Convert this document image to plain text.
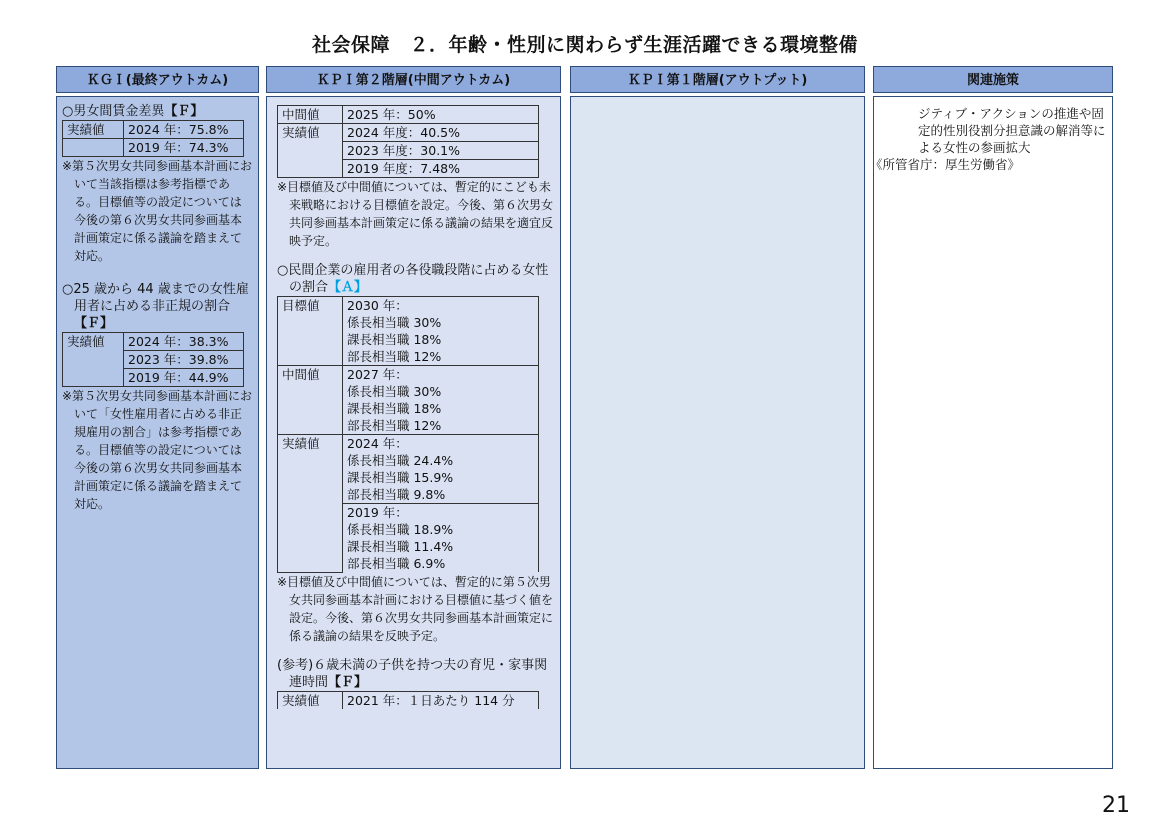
社会保障　２．年齢・性別に関わらず生涯活躍できる環境整備
ＫＧＩ(最終アウトカム)	ＫＰＩ第２階層(中間アウトカム)	ＫＰＩ第１階層(アウトプット)	関連施策
○男女間賃金差異【Ｆ】
実績値	2024 年：75.8%
	2019 年：74.3%
※第５次男女共同参画基本計画において当該指標は参考指標である。目標値等の設定については今後の第６次男女共同参画基本計画策定に係る議論を踏まえて対応。
○25 歳から 44 歳までの女性雇用者に占める非正規の割合【Ｆ】
実績値	2024 年：38.3%
2023 年：39.8%
2019 年：44.9%
※第５次男女共同参画基本計画において「女性雇用者に占める非正規雇用の割合」は参考指標である。目標値等の設定については今後の第６次男女共同参画基本計画策定に係る議論を踏まえて対応。
中間値	2025 年：50%
実績値	2024 年度：40.5%
	2023 年度：30.1%
	2019 年度：7.48%
※目標値及び中間値については、暫定的にこども未来戦略における目標値を設定。今後、第６次男女共同参画基本計画策定に係る議論の結果を適宜反映予定。
○民間企業の雇用者の各役職段階に占める女性の割合【Ａ】
目標値	2030 年：
係長相当職 30%
課長相当職 18%
部長相当職 12%

中間値	2027 年：
係長相当職 30%
課長相当職 18%
部長相当職 12%

実績値	2024 年：
係長相当職 24.4%
課長相当職 15.9%
部長相当職 9.8%

	2019 年：
係長相当職 18.9%
課長相当職 11.4%
部長相当職 6.9%
※目標値及び中間値については、暫定的に第５次男女共同参画基本計画における目標値に基づく値を設定。今後、第６次男女共同参画基本計画策定に係る議論の結果を反映予定。
(参考)６歳未満の子供を持つ夫の育児・家事関連時間【Ｆ】
実績値	2021 年：１日あたり 114 分
ジティブ・アクションの推進や固定的性別役割分担意識の解消等による女性の参画拡大
《所管省庁：厚生労働省》
21
